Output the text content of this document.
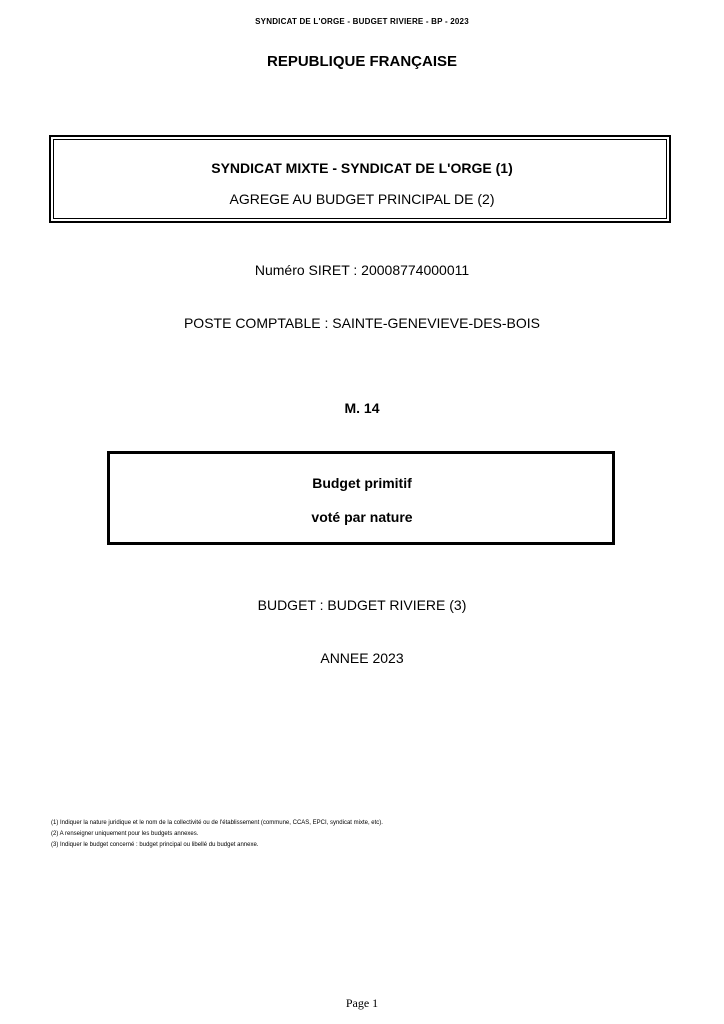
SYNDICAT DE L'ORGE - BUDGET RIVIERE - BP - 2023
REPUBLIQUE FRANÇAISE
SYNDICAT MIXTE - SYNDICAT DE L'ORGE (1)
AGREGE AU BUDGET PRINCIPAL DE (2)
Numéro SIRET : 20008774000011
POSTE COMPTABLE : SAINTE-GENEVIEVE-DES-BOIS
M. 14
Budget primitif
voté par nature
BUDGET : BUDGET RIVIERE (3)
ANNEE 2023
(1) Indiquer la nature juridique et le nom de la collectivité ou de l'établissement (commune, CCAS, EPCI, syndicat mixte, etc).
(2) A renseigner uniquement pour les budgets annexes.
(3) Indiquer le budget concerné : budget principal ou libellé du budget annexe.
Page 1
